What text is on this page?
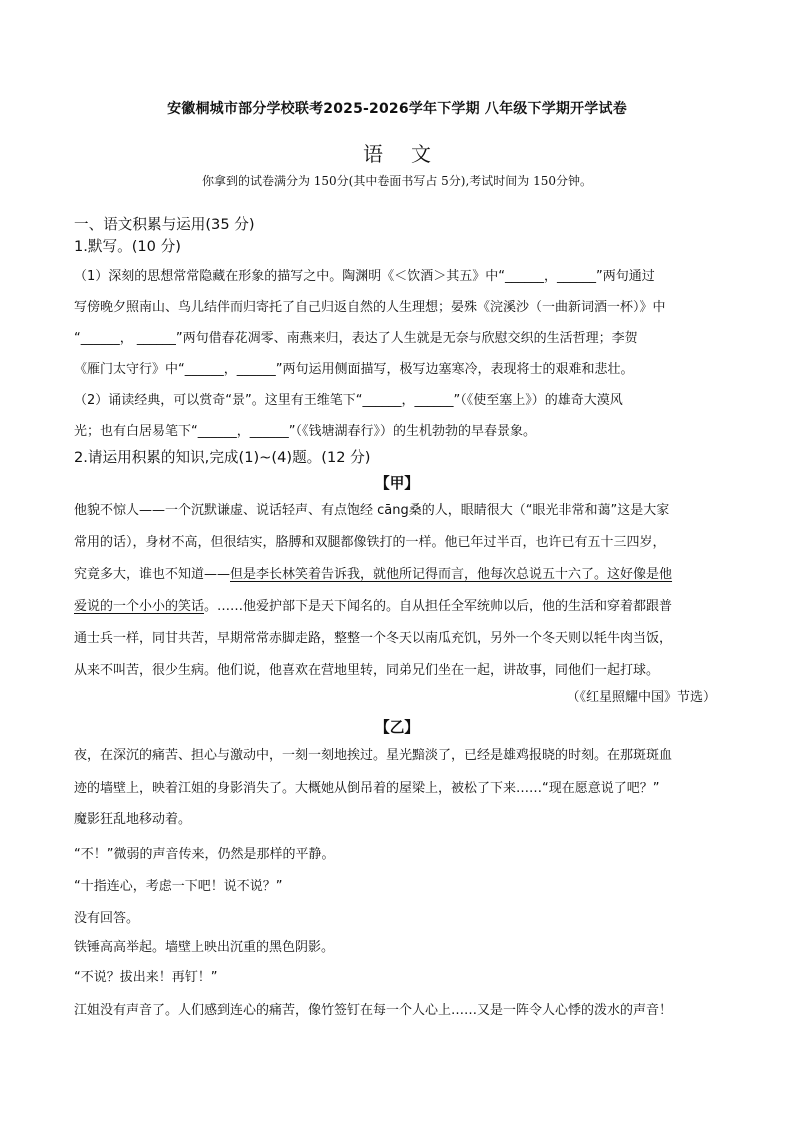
安徽桐城市部分学校联考2025-2026学年下学期 八年级下学期开学试卷
语文
你拿到的试卷满分为 150分(其中卷面书写占 5分),考试时间为 150分钟。
一、语文积累与运用(35 分)
1.默写。(10 分)
（1）深刻的思想常常隐藏在形象的描写之中。陶渊明《＜饮酒＞其五》中“______，______”两句通过
写傍晚夕照南山、鸟儿结伴而归寄托了自己归返自然的人生理想；晏殊《浣溪沙（一曲新词酒一杯）》中
“______， ______”两句借春花凋零、南燕来归，表达了人生就是无奈与欣慰交织的生活哲理；李贺
《雁门太守行》中“______，______”两句运用侧面描写，极写边塞寒冷，表现将士的艰难和悲壮。
（2）诵读经典，可以赏奇“景”。这里有王维笔下“______，______”（《使至塞上》）的雄奇大漠风
光；也有白居易笔下“______，______”（《钱塘湖春行》）的生机勃勃的早春景象。
2.请运用积累的知识,完成(1)~(4)题。(12 分)
【甲】
他貌不惊人——一个沉默谦虚、说话轻声、有点饱经 cāng桑的人，眼睛很大（“眼光非常和蔼”这是大家
常用的话），身材不高，但很结实，胳膊和双腿都像铁打的一样。他已年过半百，也许已有五十三四岁，
究竟多大，谁也不知道——但是李长林笑着告诉我，就他所记得而言，他每次总说五十六了。这好像是他
爱说的一个小小的笑话。……他爱护部下是天下闻名的。自从担任全军统帅以后，他的生活和穿着都跟普
通士兵一样，同甘共苦，早期常常赤脚走路，整整一个冬天以南瓜充饥，另外一个冬天则以牦牛肉当饭，
从来不叫苦，很少生病。他们说，他喜欢在营地里转，同弟兄们坐在一起，讲故事，同他们一起打球。
（《红星照耀中国》节选）
【乙】
夜，在深沉的痛苦、担心与激动中，一刻一刻地挨过。星光黯淡了，已经是雄鸡报晓的时刻。在那斑斑血
迹的墙壁上，映着江姐的身影消失了。大概她从倒吊着的屋梁上，被松了下来……“现在愿意说了吧？”
魔影狂乱地移动着。
“不！”微弱的声音传来，仍然是那样的平静。
“十指连心，考虑一下吧！说不说？”
没有回答。
铁锤高高举起。墙壁上映出沉重的黑色阴影。
“不说？拔出来！再钉！”
江姐没有声音了。人们感到连心的痛苦，像竹签钉在每一个人心上……又是一阵令人心悸的泼水的声音！
